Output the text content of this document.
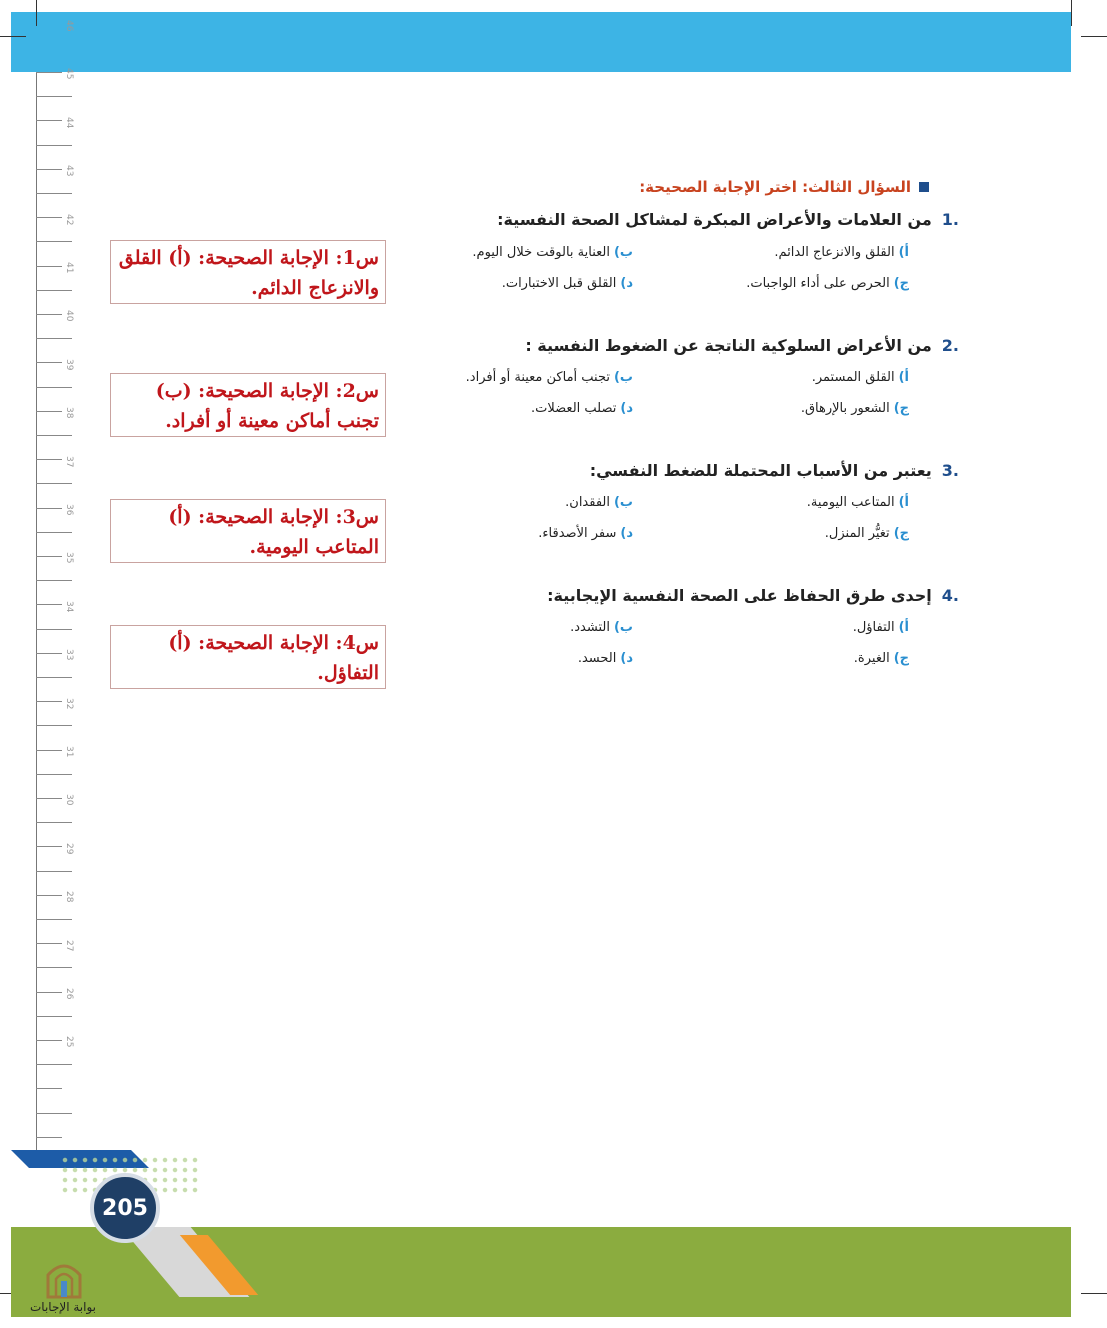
السؤال الثالث: اختر الإجابة الصحيحة:
.1من العلامات والأعراض المبكرة لمشاكل الصحة النفسية:
أ)القلق والانزعاج الدائم.
ب)العناية بالوقت خلال اليوم.
ج)الحرص على أداء الواجبات.
د)القلق قبل الاختبارات.
.2من الأعراض السلوكية الناتجة عن الضغوط النفسية :
أ)القلق المستمر.
ب)تجنب أماكن معينة أو أفراد.
ج)الشعور بالإرهاق.
د)تصلب العضلات.
.3يعتبر من الأسباب المحتملة للضغط النفسي:
أ)المتاعب اليومية.
ب)الفقدان.
ج)تغيُّر المنزل.
د)سفر الأصدقاء.
.4إحدى طرق الحفاظ على الصحة النفسية الإيجابية:
أ)التفاؤل.
ب)التشدد.
ج)الغيرة.
د)الحسد.
س1: الإجابة الصحيحة: (أ) القلق
والانزعاج الدائم.
س2: الإجابة الصحيحة: (ب)
تجنب أماكن معينة أو أفراد.
س3: الإجابة الصحيحة: (أ)
المتاعب اليومية.
س4: الإجابة الصحيحة: (أ)
التفاؤل.
205
بوابة الإجابات
46
45
44
43
42
41
40
39
38
37
36
35
34
33
32
31
30
29
28
27
26
25
